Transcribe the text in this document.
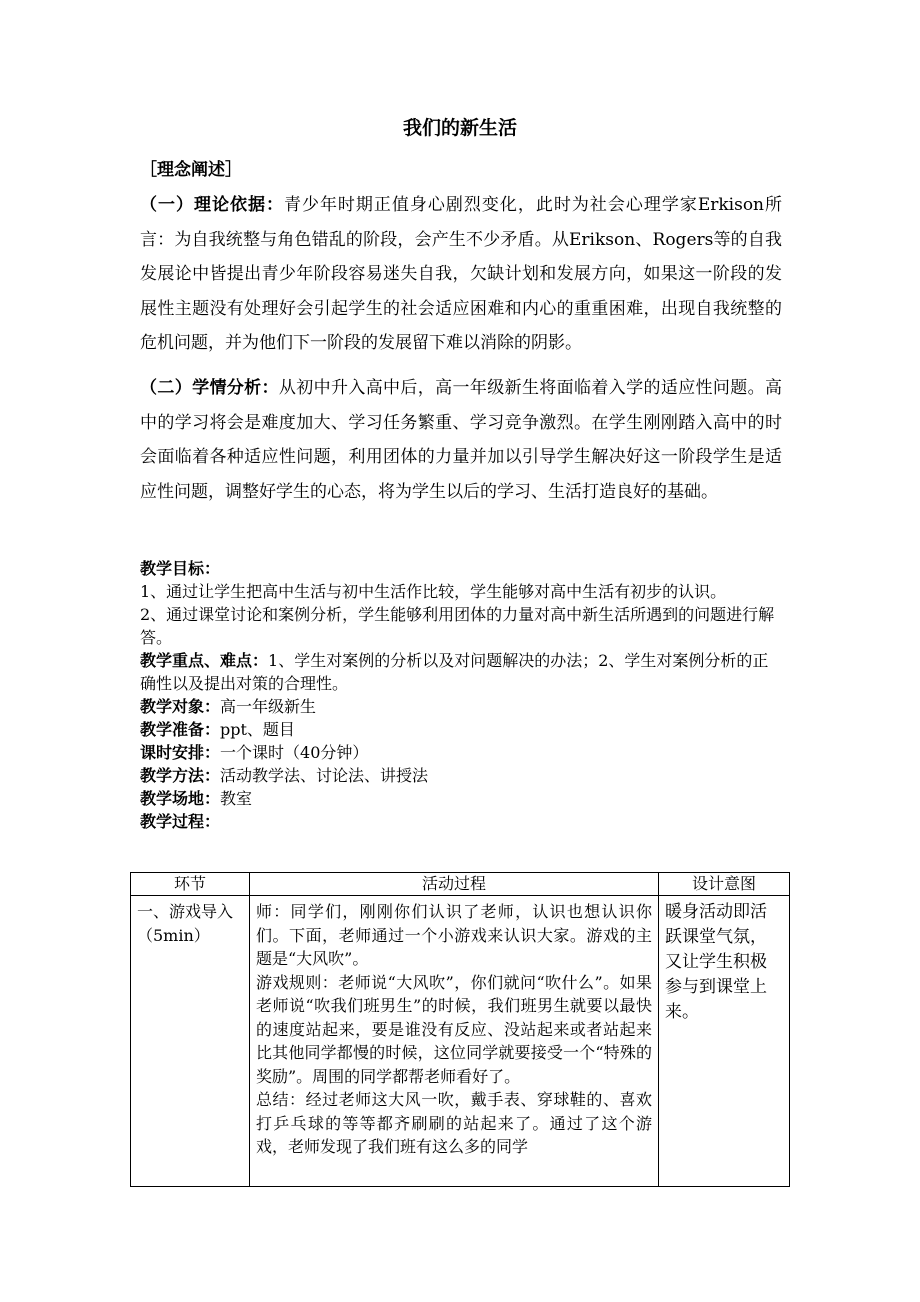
我们的新生活
［理念阐述］
（一）理论依据：青少年时期正值身心剧烈变化，此时为社会心理学家Erkison所言：为自我统整与角色错乱的阶段，会产生不少矛盾。从Erikson、Rogers等的自我发展论中皆提出青少年阶段容易迷失自我，欠缺计划和发展方向，如果这一阶段的发展性主题没有处理好会引起学生的社会适应困难和内心的重重困难，出现自我统整的危机问题，并为他们下一阶段的发展留下难以消除的阴影。
（二）学情分析：从初中升入高中后，高一年级新生将面临着入学的适应性问题。高中的学习将会是难度加大、学习任务繁重、学习竞争激烈。在学生刚刚踏入高中的时会面临着各种适应性问题，利用团体的力量并加以引导学生解决好这一阶段学生是适应性问题，调整好学生的心态，将为学生以后的学习、生活打造良好的基础。

教学目标：

1、通过让学生把高中生活与初中生活作比较，学生能够对高中生活有初步的认识。

2、通过课堂讨论和案例分析，学生能够利用团体的力量对高中新生活所遇到的问题进行解答。

教学重点、难点：1、学生对案例的分析以及对问题解决的办法；2、学生对案例分析的正确性以及提出对策的合理性。

教学对象：高一年级新生

教学准备：ppt、题目

课时安排：一个课时（40分钟）

教学方法：活动教学法、讨论法、讲授法

教学场地：教室

教学过程：

环节	活动过程	设计意图
一、游戏导入（5min）	师：同学们，刚刚你们认识了老师，认识也想认识你们。下面，老师通过一个小游戏来认识大家。游戏的主题是“大风吹”。

游戏规则：老师说“大风吹”，你们就问“吹什么”。如果老师说“吹我们班男生”的时候，我们班男生就要以最快的速度站起来，要是谁没有反应、没站起来或者站起来比其他同学都慢的时候，这位同学就要接受一个“特殊的奖励”。周围的同学都帮老师看好了。

总结：经过老师这大风一吹，戴手表、穿球鞋的、喜欢打乒乓球的等等都齐刷刷的站起来了。通过了这个游戏，老师发现了我们班有这么多的同学	暖身活动即活跃课堂气氛，又让学生积极参与到课堂上来。
